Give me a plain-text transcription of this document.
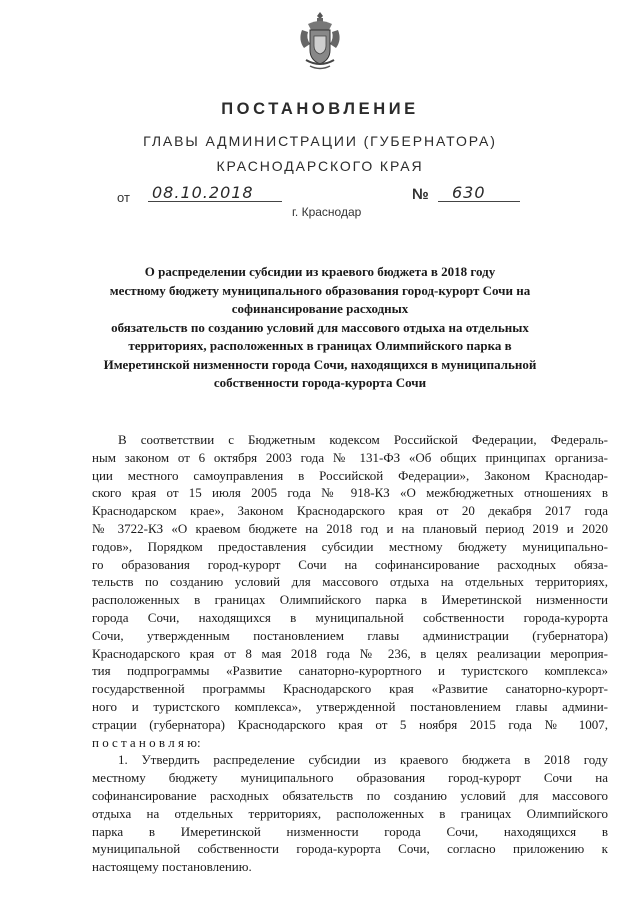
ПОСТАНОВЛЕНИЕ
ГЛАВЫ АДМИНИСТРАЦИИ (ГУБЕРНАТОРА)
КРАСНОДАРСКОГО КРАЯ
от 08.10.2018	№ 630
г. Краснодар
О распределении субсидии из краевого бюджета в 2018 году
местному бюджету муниципального образования город-курорт Сочи на
софинансирование расходных
обязательств по созданию условий для массового отдыха на отдельных
территориях, расположенных в границах Олимпийского парка в
Имеретинской низменности города Сочи, находящихся в муниципальной
собственности города-курорта Сочи
В соответствии с Бюджетным кодексом Российской Федерации, Федераль-
ным законом от 6 октября 2003 года № 131-ФЗ «Об общих принципах организа-
ции местного самоуправления в Российской Федерации», Законом Краснодар-
ского края от 15 июля 2005 года № 918-КЗ «О межбюджетных отношениях в
Краснодарском крае», Законом Краснодарского края от 20 декабря 2017 года
№ 3722-КЗ «О краевом бюджете на 2018 год и на плановый период 2019 и 2020
годов», Порядком предоставления субсидии местному бюджету муниципально-
го образования город-курорт Сочи на софинансирование расходных обяза-
тельств по созданию условий для массового отдыха на отдельных территориях,
расположенных в границах Олимпийского парка в Имеретинской низменности
города Сочи, находящихся в муниципальной собственности города-курорта
Сочи, утвержденным постановлением главы администрации (губернатора)
Краснодарского края от 8 мая 2018 года № 236, в целях реализации мероприя-
тия подпрограммы «Развитие санаторно-курортного и туристского комплекса»
государственной программы Краснодарского края «Развитие санаторно-курорт-
ного и туристского комплекса», утвержденной постановлением главы админи-
страции (губернатора) Краснодарского края от 5 ноября 2015 года № 1007,
п о с т а н о в л я ю:
1. Утвердить распределение субсидии из краевого бюджета в 2018 году
местному бюджету муниципального образования город-курорт Сочи на
софинансирование расходных обязательств по созданию условий для массового
отдыха на отдельных территориях, расположенных в границах Олимпийского
парка в Имеретинской низменности города Сочи, находящихся в
муниципальной собственности города-курорта Сочи, согласно приложению к
настоящему постановлению.
